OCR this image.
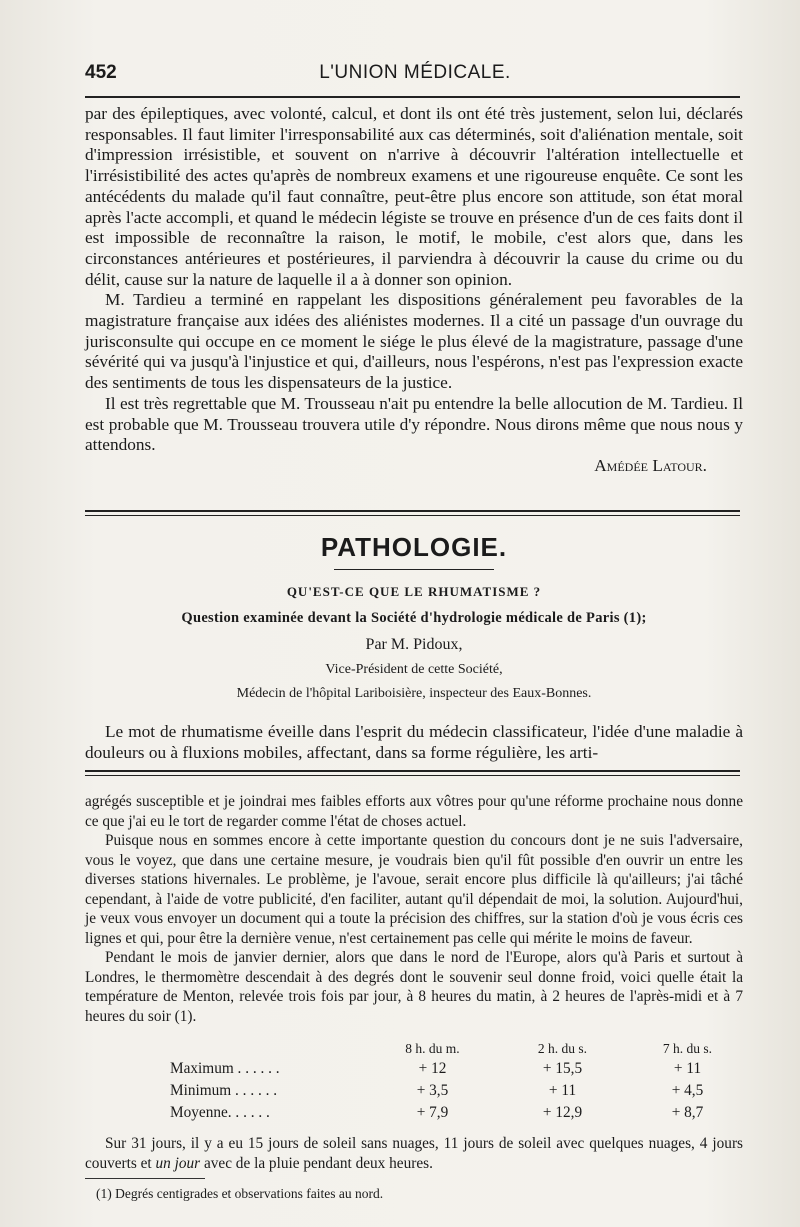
452	L'UNION MÉDICALE.

par des épileptiques, avec volonté, calcul, et dont ils ont été très justement, selon lui, déclarés responsables. Il faut limiter l'irresponsabilité aux cas déterminés, soit d'aliénation mentale, soit d'impression irrésistible, et souvent on n'arrive à découvrir l'altération intellectuelle et l'irrésistibilité des actes qu'après de nombreux examens et une rigoureuse enquête. Ce sont les antécédents du malade qu'il faut connaître, peut-être plus encore son attitude, son état moral après l'acte accompli, et quand le médecin légiste se trouve en présence d'un de ces faits dont il est impossible de reconnaître la raison, le motif, le mobile, c'est alors que, dans les circonstances antérieures et postérieures, il parviendra à découvrir la cause du crime ou du délit, cause sur la nature de laquelle il a à donner son opinion.

M. Tardieu a terminé en rappelant les dispositions généralement peu favorables de la magistrature française aux idées des aliénistes modernes. Il a cité un passage d'un ouvrage du jurisconsulte qui occupe en ce moment le siége le plus élevé de la magistrature, passage d'une sévérité qui va jusqu'à l'injustice et qui, d'ailleurs, nous l'espérons, n'est pas l'expression exacte des sentiments de tous les dispensateurs de la justice.

Il est très regrettable que M. Trousseau n'ait pu entendre la belle allocution de M. Tardieu. Il est probable que M. Trousseau trouvera utile d'y répondre. Nous dirons même que nous nous y attendons.

Amédée Latour.
PATHOLOGIE.
QU'EST-CE QUE LE RHUMATISME ?
Question examinée devant la Société d'hydrologie médicale de Paris (1);
Par M. Pidoux,
Vice-Président de cette Société,
Médecin de l'hôpital Lariboisière, inspecteur des Eaux-Bonnes.

Le mot de rhumatisme éveille dans l'esprit du médecin classificateur, l'idée d'une maladie à douleurs ou à fluxions mobiles, affectant, dans sa forme régulière, les arti-

agrégés susceptible et je joindrai mes faibles efforts aux vôtres pour qu'une réforme prochaine nous donne ce que j'ai eu le tort de regarder comme l'état de choses actuel.

Puisque nous en sommes encore à cette importante question du concours dont je ne suis l'adversaire, vous le voyez, que dans une certaine mesure, je voudrais bien qu'il fût possible d'en ouvrir un entre les diverses stations hivernales. Le problème, je l'avoue, serait encore plus difficile là qu'ailleurs; j'ai tâché cependant, à l'aide de votre publicité, d'en faciliter, autant qu'il dépendait de moi, la solution. Aujourd'hui, je veux vous envoyer un document qui a toute la précision des chiffres, sur la station d'où je vous écris ces lignes et qui, pour être la dernière venue, n'est certainement pas celle qui mérite le moins de faveur.

Pendant le mois de janvier dernier, alors que dans le nord de l'Europe, alors qu'à Paris et surtout à Londres, le thermomètre descendait à des degrés dont le souvenir seul donne froid, voici quelle était la température de Menton, relevée trois fois par jour, à 8 heures du matin, à 2 heures de l'après-midi et à 7 heures du soir (1).

	8 h. du m.	2 h. du s.	7 h. du s.
Maximum . . . . . .	+ 12	+ 15,5	+ 11
Minimum . . . . . .	+ 3,5	+ 11	+ 4,5
Moyenne. . . . . .	+ 7,9	+ 12,9	+ 8,7

Sur 31 jours, il y a eu 15 jours de soleil sans nuages, 11 jours de soleil avec quelques nuages, 4 jours couverts et un jour avec de la pluie pendant deux heures.

(1) Degrés centigrades et observations faites au nord.
